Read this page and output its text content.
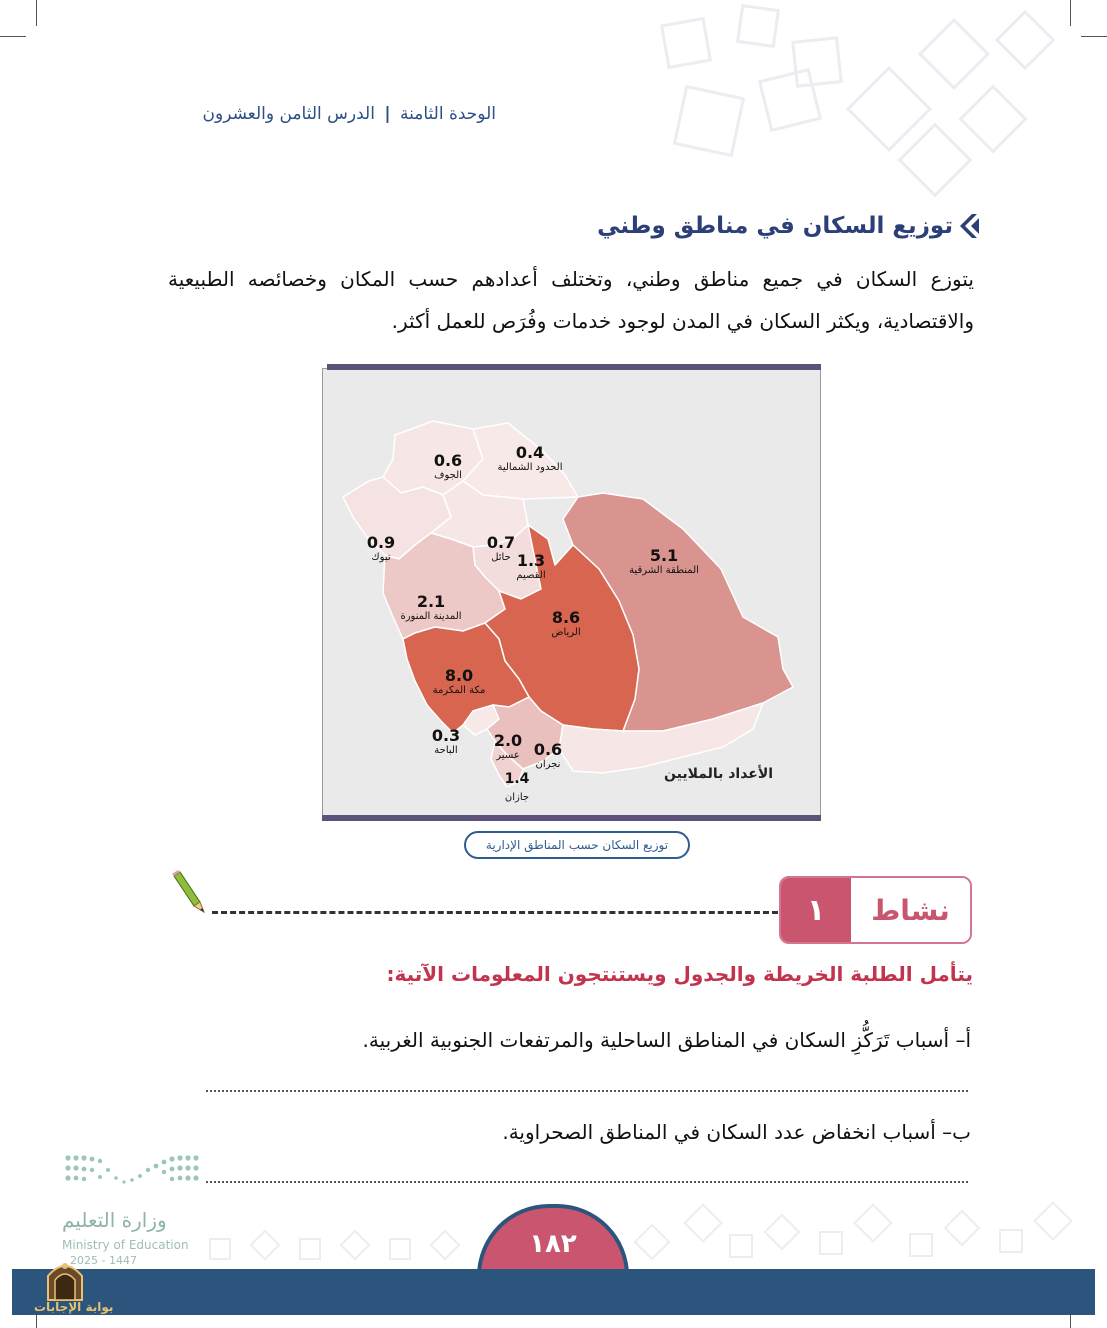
الوحدة الثامنة | الدرس الثامن والعشرون
توزيع السكان في مناطق وطني
يتوزع السكان في جميع مناطق وطني، وتختلف أعدادهم حسب المكان وخصائصه الطبيعية والاقتصادية، ويكثر السكان في المدن لوجود خدمات وفُرَص للعمل أكثر.
0.6
الجوف
0.4
الحدود الشمالية
0.9
تبوك
0.7
حائل 1.3
القصيم
5.1
المنطقة الشرقية
2.1
المدينة المنورة	8.6
الرياض
8.0
مكة المكرمة
0.3
الباحة
2.0
عسير 0.6
نجران
1.4
جازان
الأعداد بالملايين
توزيع السكان حسب المناطق الإدارية
١	نشاط
يتأمل الطلبة الخريطة والجدول ويستنتجون المعلومات الآتية:
أ– أسباب تَرَكُّزِ السكان في المناطق الساحلية والمرتفعات الجنوبية الغربية.
ب– أسباب انخفاض عدد السكان في المناطق الصحراوية.
وزارة التعليم
Ministry of Education
2025 - 1447
١٨٢
بوابة الإجابات
